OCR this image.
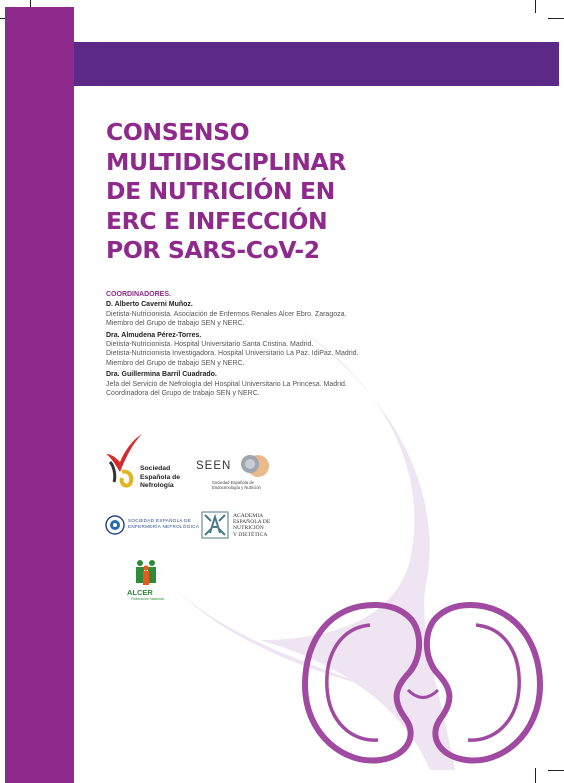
CONSENSO
MULTIDISCIPLINAR
DE NUTRICIÓN EN
ERC E INFECCIÓN
POR SARS-CoV-2
COORDINADORES.
D. Alberto Caverni Muñoz.
Dietista-Nutricionista. Asociación de Enfermos Renales Alcer Ebro. Zaragoza.
Miembro del Grupo de trabajo SEN y NERC.
Dra. Almudena Pérez-Torres.
Dietista-Nutricionista. Hospital Universitario Santa Cristina. Madrid.
Dietista-Nutricionista Investigadora. Hospital Universitario La Paz. IdiPaz. Madrid.
Miembro del Grupo de trabajo SEN y NERC.
Dra. Guillermina Barril Cuadrado.
Jefa del Servicio de Nefrología del Hospital Universitario La Princesa. Madrid.
Coordinadora del Grupo de trabajo SEN y NERC.
Sociedad
Española de
Nefrología
SEEN
Sociedad Española de
Endocrinología y Nutrición
SOCIEDAD ESPAÑOLA DE
ENFERMERÍA NEFROLÓGICA
ACADEMIA
ESPAÑOLA DE
NUTRICIÓN
Y DIETÉTICA
ALCER
Federación Nacional
